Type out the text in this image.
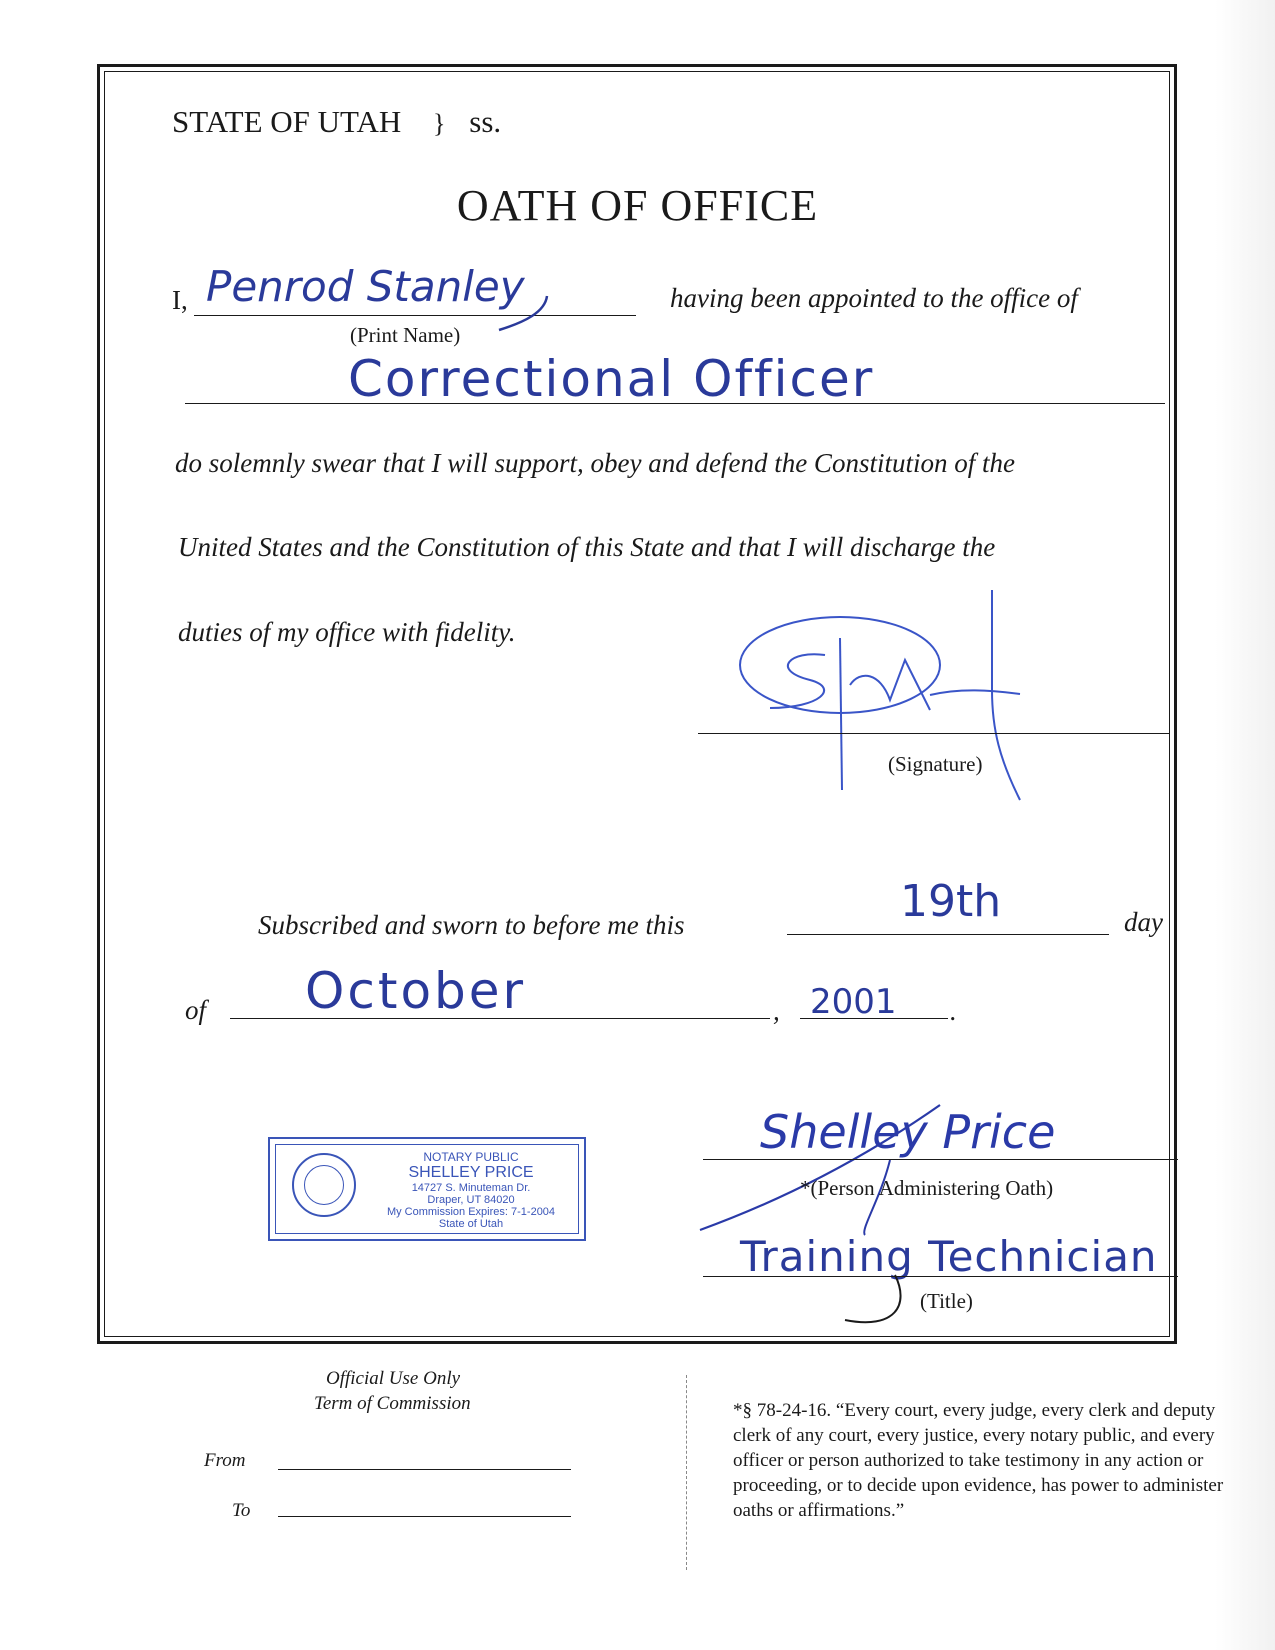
STATE OF UTAH } ss.
OATH OF OFFICE
I, Penrod Stanley
(Print Name)
having been appointed to the office of
Correctional Officer
do solemnly swear that I will support, obey and defend the Constitution of the
United States and the Constitution of this State and that I will discharge the
duties of my office with fidelity.
(Signature)
Subscribed and sworn to before me this	19th	day
of October	, 2001 .
NOTARY PUBLIC
SHELLEY PRICE
14727 S. Minuteman Dr.
Draper, UT 84020
My Commission Expires: 7-1-2004
State of Utah
Shelley Price
*(Person Administering Oath)
Training Technician
(Title)
Official Use Only
Term of Commission
From
To
*§ 78-24-16. “Every court, every judge, every clerk and deputy clerk of any court, every justice, every notary public, and every officer or person authorized to take testimony in any action or proceeding, or to decide upon evidence, has power to administer oaths or affirmations.”
